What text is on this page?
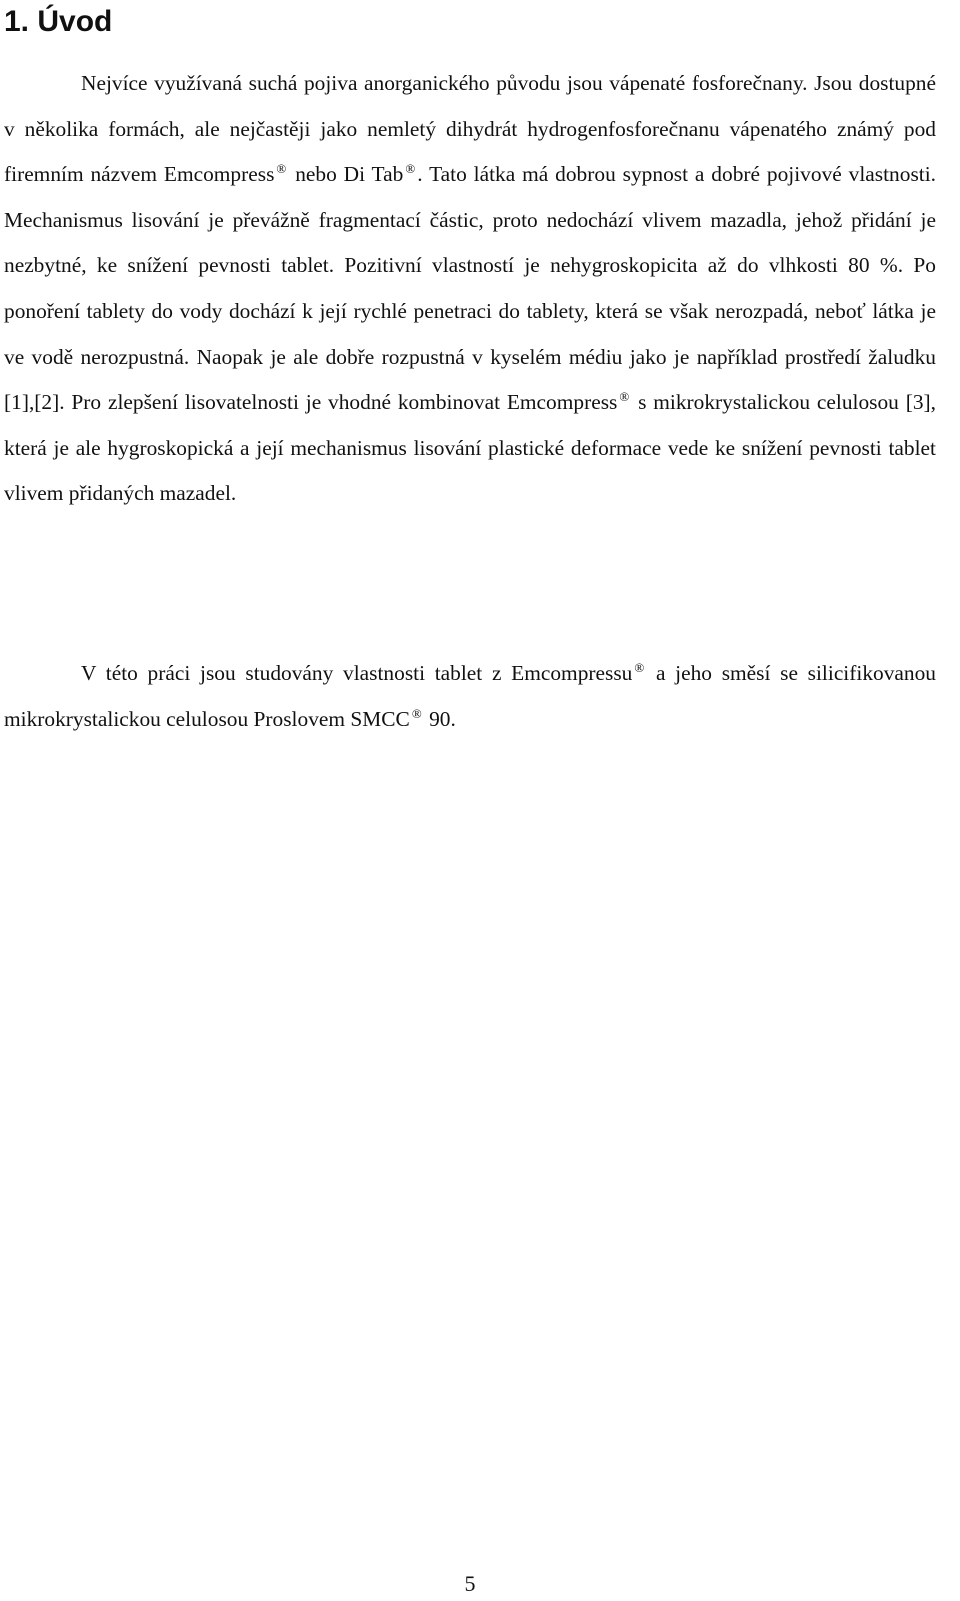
1. Úvod

Nejvíce využívaná suchá pojiva anorganického původu jsou vápenaté fosforečnany. Jsou dostupné v několika formách, ale nejčastěji jako nemletý dihydrát hydrogenfosforečnanu vápenatého známý pod firemním názvem Emcompress ® nebo Di Tab ®. Tato látka má dobrou sypnost a dobré pojivové vlastnosti. Mechanismus lisování je převážně fragmentací částic, proto nedochází vlivem mazadla, jehož přidání je nezbytné, ke snížení pevnosti tablet. Pozitivní vlastností je nehygroskopicita až do vlhkosti 80 %. Po ponoření tablety do vody dochází k její rychlé penetraci do tablety, která se však nerozpadá, neboť látka je ve vodě nerozpustná. Naopak je ale dobře rozpustná v kyselém médiu jako je například prostředí žaludku [1],[2]. Pro zlepšení lisovatelnosti je vhodné kombinovat Emcompress ® s mikrokrystalickou celulosou [3], která je ale hygroskopická a její mechanismus lisování plastické deformace vede ke snížení pevnosti tablet vlivem přidaných mazadel.

V této práci jsou studovány vlastnosti tablet z Emcompressu ® a jeho směsí se silicifikovanou mikrokrystalickou celulosou Proslovem SMCC ® 90.

5
